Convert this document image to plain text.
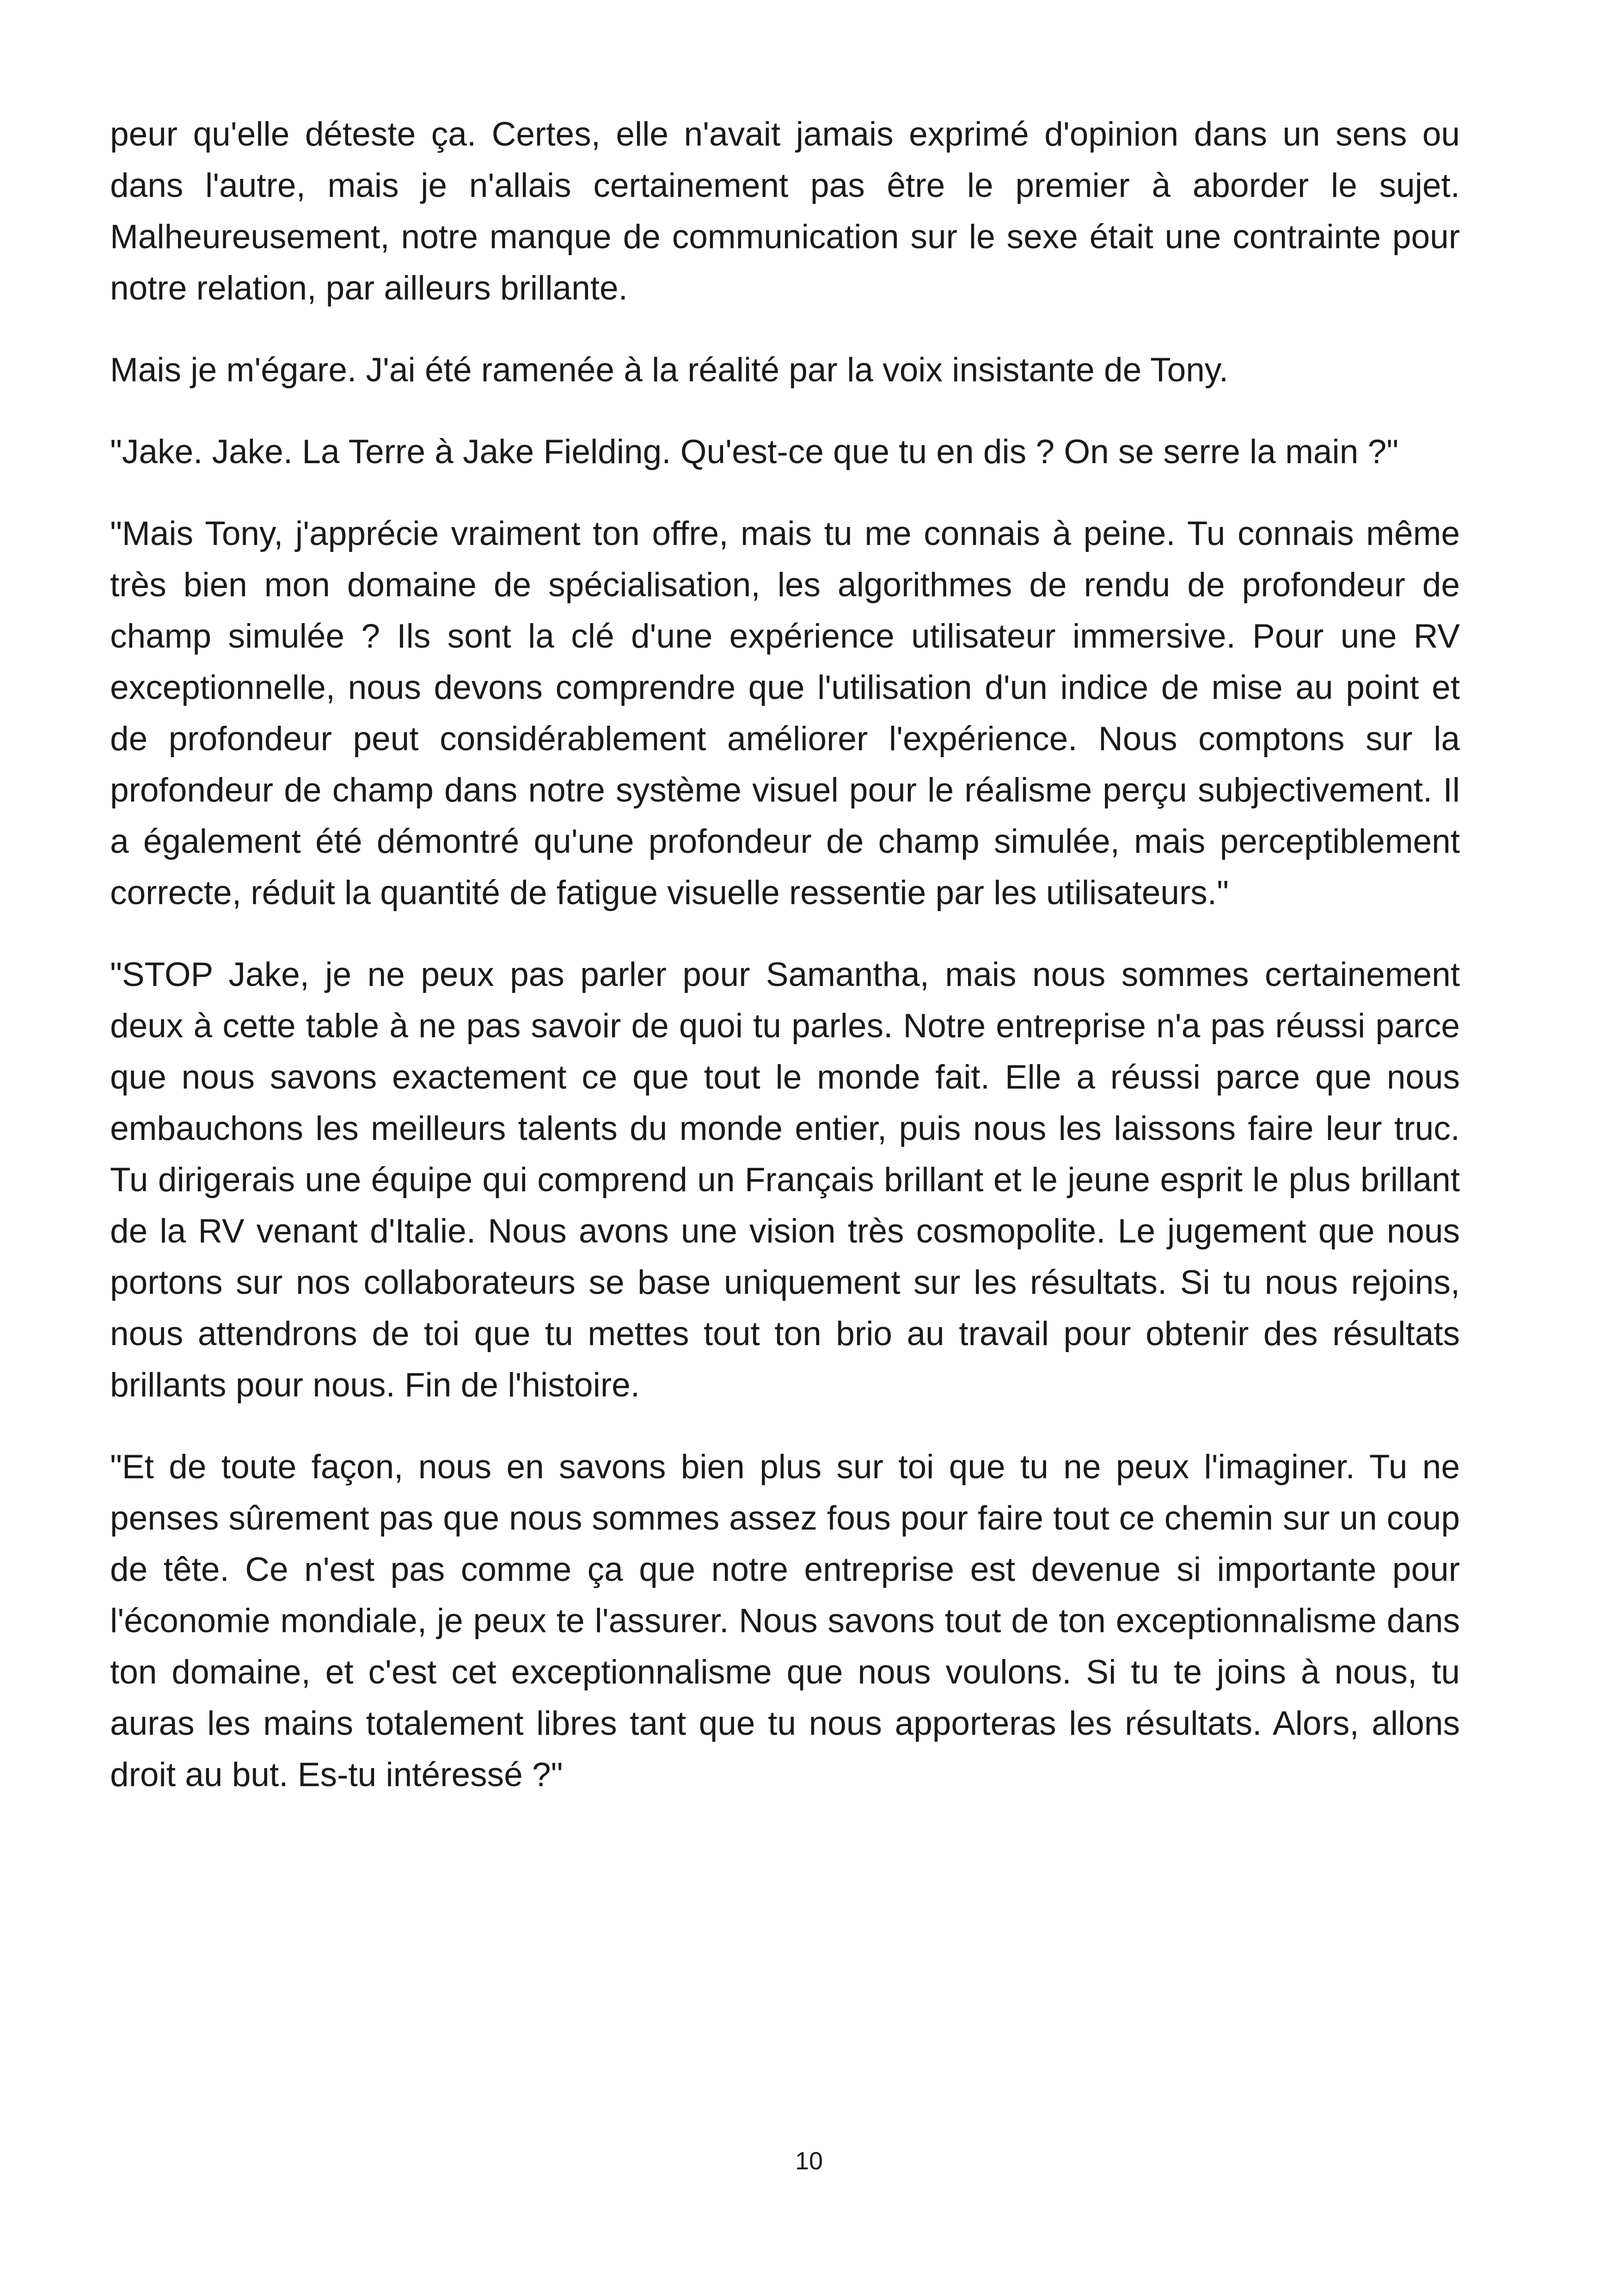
peur qu'elle déteste ça. Certes, elle n'avait jamais exprimé d'opinion dans un sens ou dans l'autre, mais je n'allais certainement pas être le premier à aborder le sujet. Malheureusement, notre manque de communication sur le sexe était une contrainte pour notre relation, par ailleurs brillante.

Mais je m'égare. J'ai été ramenée à la réalité par la voix insistante de Tony.

"Jake. Jake. La Terre à Jake Fielding. Qu'est-ce que tu en dis ? On se serre la main ?"

"Mais Tony, j'apprécie vraiment ton offre, mais tu me connais à peine. Tu connais même très bien mon domaine de spécialisation, les algorithmes de rendu de profondeur de champ simulée ? Ils sont la clé d'une expérience utilisateur immersive. Pour une RV exceptionnelle, nous devons comprendre que l'utilisation d'un indice de mise au point et de profondeur peut considérablement améliorer l'expérience. Nous comptons sur la profondeur de champ dans notre système visuel pour le réalisme perçu subjectivement. Il a également été démontré qu'une profondeur de champ simulée, mais perceptiblement correcte, réduit la quantité de fatigue visuelle ressentie par les utilisateurs."

"STOP Jake, je ne peux pas parler pour Samantha, mais nous sommes certainement deux à cette table à ne pas savoir de quoi tu parles. Notre entreprise n'a pas réussi parce que nous savons exactement ce que tout le monde fait. Elle a réussi parce que nous embauchons les meilleurs talents du monde entier, puis nous les laissons faire leur truc. Tu dirigerais une équipe qui comprend un Français brillant et le jeune esprit le plus brillant de la RV venant d'Italie. Nous avons une vision très cosmopolite. Le jugement que nous portons sur nos collaborateurs se base uniquement sur les résultats. Si tu nous rejoins, nous attendrons de toi que tu mettes tout ton brio au travail pour obtenir des résultats brillants pour nous. Fin de l'histoire.

"Et de toute façon, nous en savons bien plus sur toi que tu ne peux l'imaginer. Tu ne penses sûrement pas que nous sommes assez fous pour faire tout ce chemin sur un coup de tête. Ce n'est pas comme ça que notre entreprise est devenue si importante pour l'économie mondiale, je peux te l'assurer. Nous savons tout de ton exceptionnalisme dans ton domaine, et c'est cet exceptionnalisme que nous voulons. Si tu te joins à nous, tu auras les mains totalement libres tant que tu nous apporteras les résultats. Alors, allons droit au but. Es-tu intéressé ?"

10
